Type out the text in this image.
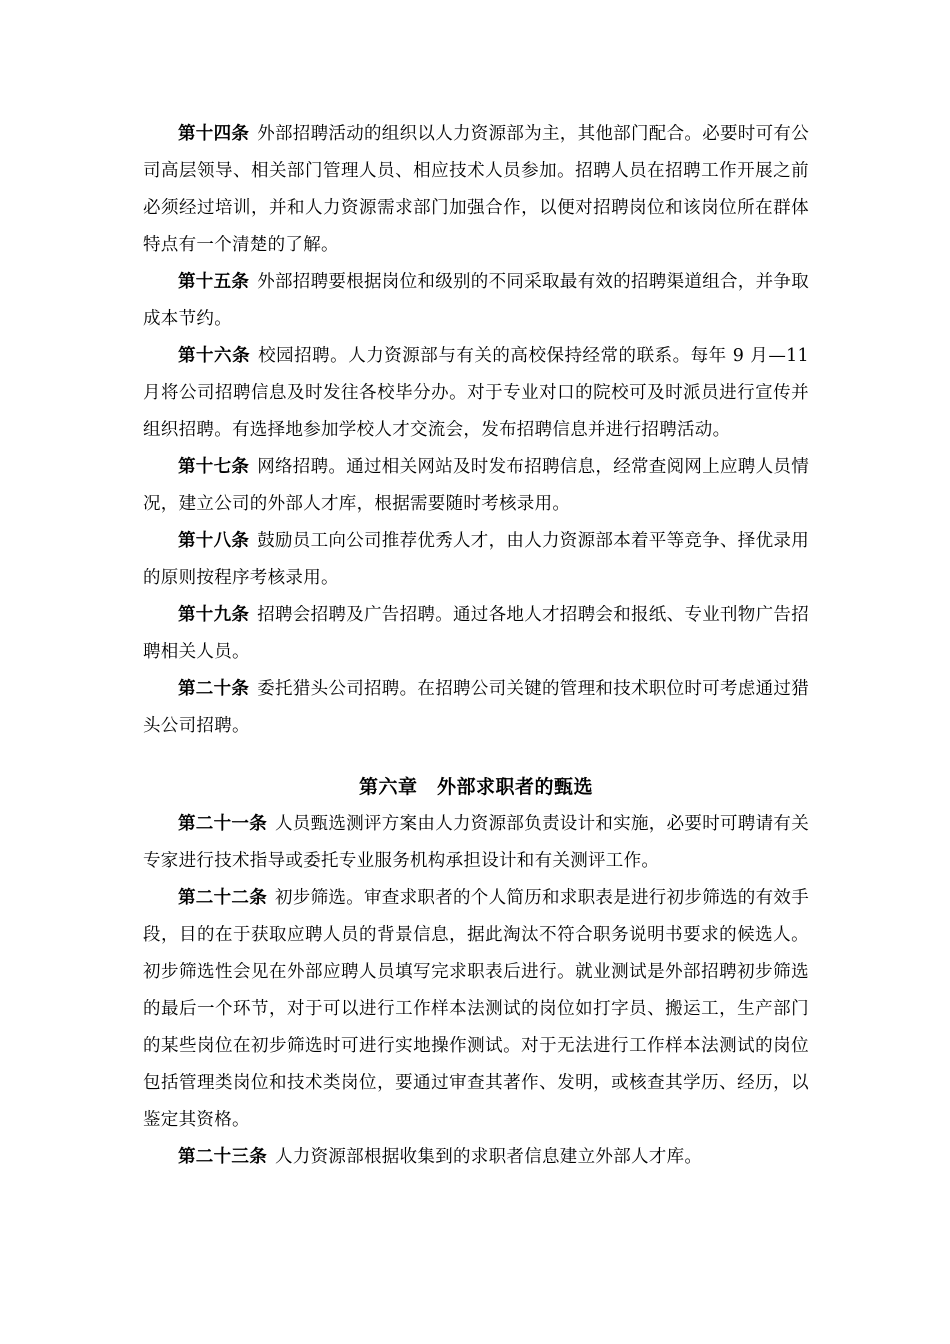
第十四条 外部招聘活动的组织以人力资源部为主，其他部门配合。必要时可有公司高层领导、相关部门管理人员、相应技术人员参加。招聘人员在招聘工作开展之前必须经过培训，并和人力资源需求部门加强合作，以便对招聘岗位和该岗位所在群体特点有一个清楚的了解。

第十五条 外部招聘要根据岗位和级别的不同采取最有效的招聘渠道组合，并争取成本节约。

第十六条 校园招聘。人力资源部与有关的高校保持经常的联系。每年 9 月—11 月将公司招聘信息及时发往各校毕分办。对于专业对口的院校可及时派员进行宣传并组织招聘。有选择地参加学校人才交流会，发布招聘信息并进行招聘活动。

第十七条 网络招聘。通过相关网站及时发布招聘信息，经常查阅网上应聘人员情况，建立公司的外部人才库，根据需要随时考核录用。

第十八条 鼓励员工向公司推荐优秀人才，由人力资源部本着平等竞争、择优录用的原则按程序考核录用。

第十九条 招聘会招聘及广告招聘。通过各地人才招聘会和报纸、专业刊物广告招聘相关人员。

第二十条 委托猎头公司招聘。在招聘公司关键的管理和技术职位时可考虑通过猎头公司招聘。

第六章　外部求职者的甄选

第二十一条 人员甄选测评方案由人力资源部负责设计和实施，必要时可聘请有关专家进行技术指导或委托专业服务机构承担设计和有关测评工作。

第二十二条 初步筛选。审查求职者的个人简历和求职表是进行初步筛选的有效手段，目的在于获取应聘人员的背景信息，据此淘汰不符合职务说明书要求的候选人。初步筛选性会见在外部应聘人员填写完求职表后进行。就业测试是外部招聘初步筛选的最后一个环节，对于可以进行工作样本法测试的岗位如打字员、搬运工，生产部门的某些岗位在初步筛选时可进行实地操作测试。对于无法进行工作样本法测试的岗位包括管理类岗位和技术类岗位，要通过审查其著作、发明，或核查其学历、经历，以鉴定其资格。

第二十三条 人力资源部根据收集到的求职者信息建立外部人才库。
